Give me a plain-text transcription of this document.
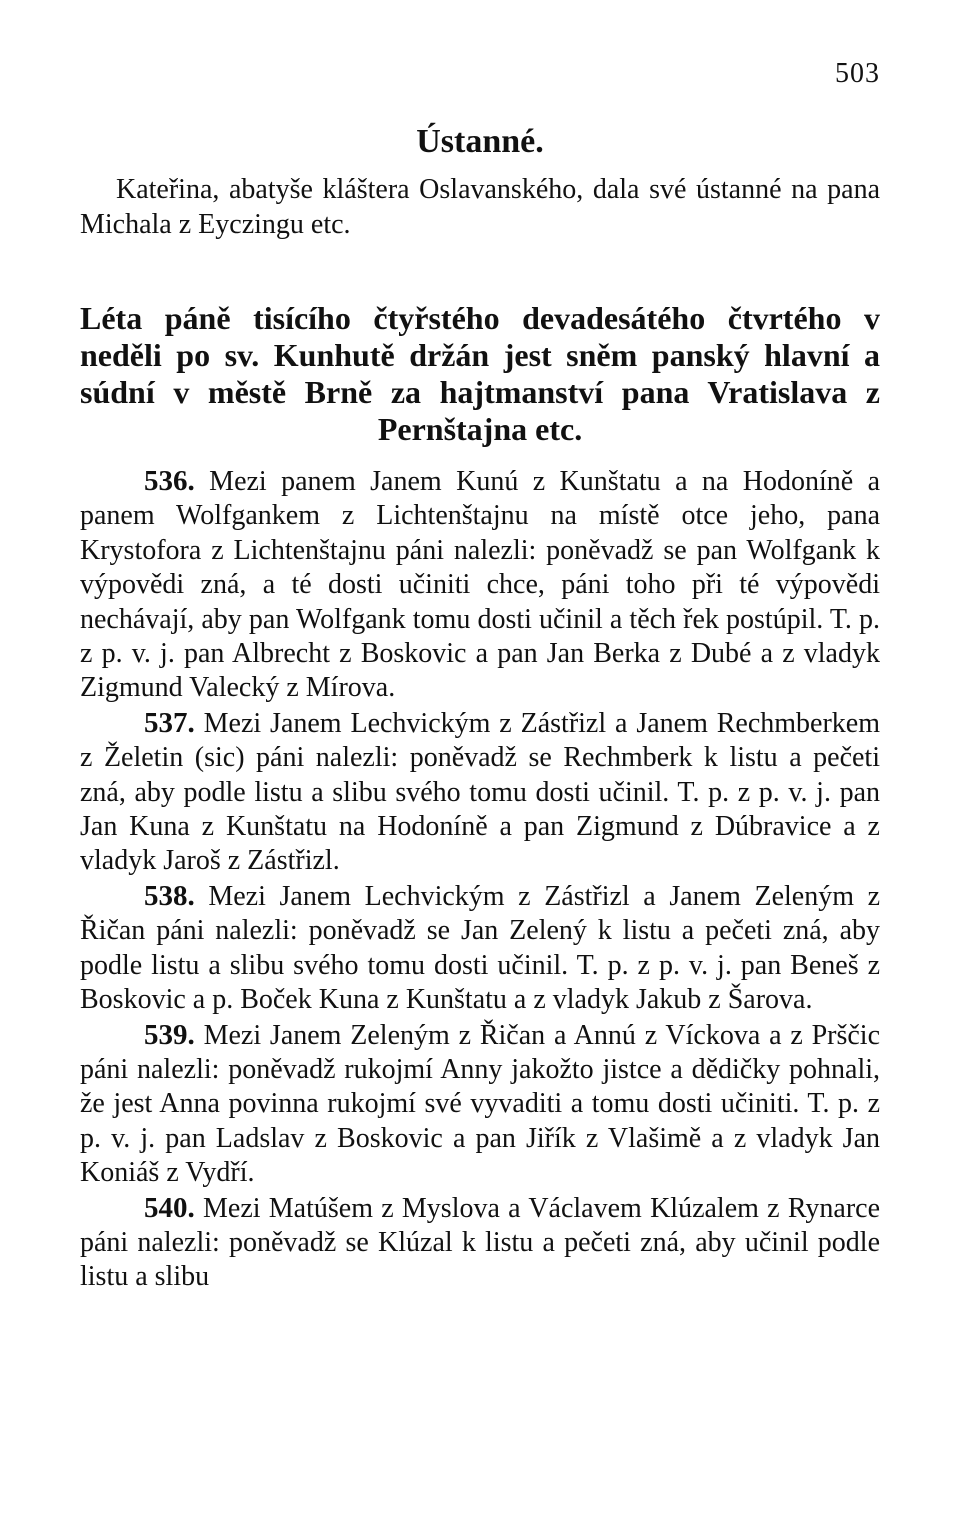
503
Ústanné.

Kateřina, abatyše kláštera Oslavanského, dala své ústanné na pana Michala z Eyczingu etc.

Léta páně tisícího čtyřstého devadesátého čtvrtého v neděli po sv. Kunhutě držán jest sněm panský hlavní a súdní v městě Brně za hajtmanství pana Vratislava z Pernštajna etc.

536. Mezi panem Janem Kunú z Kunštatu a na Hodoníně a panem Wolfgankem z Lichtenštajnu na místě otce jeho, pana Krystofora z Lichtenštajnu páni nalezli: poněvadž se pan Wolfgank k výpovědi zná, a té dosti učiniti chce, páni toho při té výpovědi nechávají, aby pan Wolfgank tomu dosti učinil a těch řek postúpil. T. p. z p. v. j. pan Albrecht z Boskovic a pan Jan Berka z Dubé a z vladyk Zigmund Valecký z Mírova.

537. Mezi Janem Lechvickým z Zástřizl a Janem Rechmberkem z Želetin (sic) páni nalezli: poněvadž se Rechmberk k listu a pečeti zná, aby podle listu a slibu svého tomu dosti učinil. T. p. z p. v. j. pan Jan Kuna z Kunštatu na Hodoníně a pan Zigmund z Dúbravice a z vladyk Jaroš z Zástřizl.

538. Mezi Janem Lechvickým z Zástřizl a Janem Zeleným z Řičan páni nalezli: poněvadž se Jan Zelený k listu a pečeti zná, aby podle listu a slibu svého tomu dosti učinil. T. p. z p. v. j. pan Beneš z Boskovic a p. Boček Kuna z Kunštatu a z vladyk Jakub z Šarova.

539. Mezi Janem Zeleným z Řičan a Annú z Víckova a z Prščic páni nalezli: poněvadž rukojmí Anny jakožto jistce a dědičky pohnali, že jest Anna povinna rukojmí své vyvaditi a tomu dosti učiniti. T. p. z p. v. j. pan Ladslav z Boskovic a pan Jiřík z Vlašimě a z vladyk Jan Koniáš z Vydří.

540. Mezi Matúšem z Myslova a Václavem Klúzalem z Rynarce páni nalezli: poněvadž se Klúzal k listu a pečeti zná, aby učinil podle listu a slibu
